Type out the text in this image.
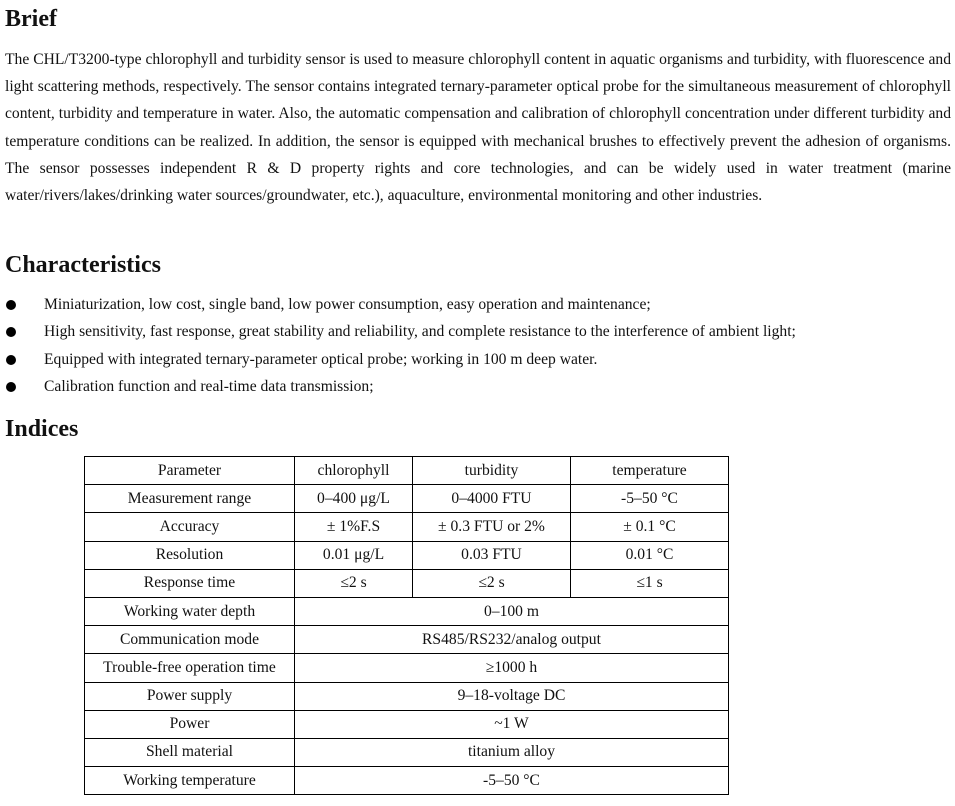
Brief

The CHL/T3200-type chlorophyll and turbidity sensor is used to measure chlorophyll content in aquatic organisms and turbidity, with fluorescence and light scattering methods, respectively. The sensor contains integrated ternary-parameter optical probe for the simultaneous measurement of chlorophyll content, turbidity and temperature in water. Also, the automatic compensation and calibration of chlorophyll concentration under different turbidity and temperature conditions can be realized. In addition, the sensor is equipped with mechanical brushes to effectively prevent the adhesion of organisms. The sensor possesses independent R & D property rights and core technologies, and can be widely used in water treatment (marine water/rivers/lakes/drinking water sources/groundwater, etc.), aquaculture, environmental monitoring and other industries.

Characteristics
Miniaturization, low cost, single band, low power consumption, easy operation and maintenance;
High sensitivity, fast response, great stability and reliability, and complete resistance to the interference of ambient light;
Equipped with integrated ternary-parameter optical probe; working in 100 m deep water.
Calibration function and real-time data transmission;
Indices
Parameter	chlorophyll	turbidity	temperature
Measurement range	0–400 μg/L	0–4000 FTU	-5–50 °C
Accuracy	± 1%F.S	± 0.3 FTU or 2%	± 0.1 °C
Resolution	0.01 μg/L	0.03 FTU	0.01 °C
Response time	≤2 s	≤2 s	≤1 s
Working water depth	0–100 m		
Communication mode	RS485/RS232/analog output		
Trouble-free operation time	≥1000 h		
Power supply	9–18-voltage DC		
Power	~1 W		
Shell material	titanium alloy		
Working temperature	-5–50 °C		
